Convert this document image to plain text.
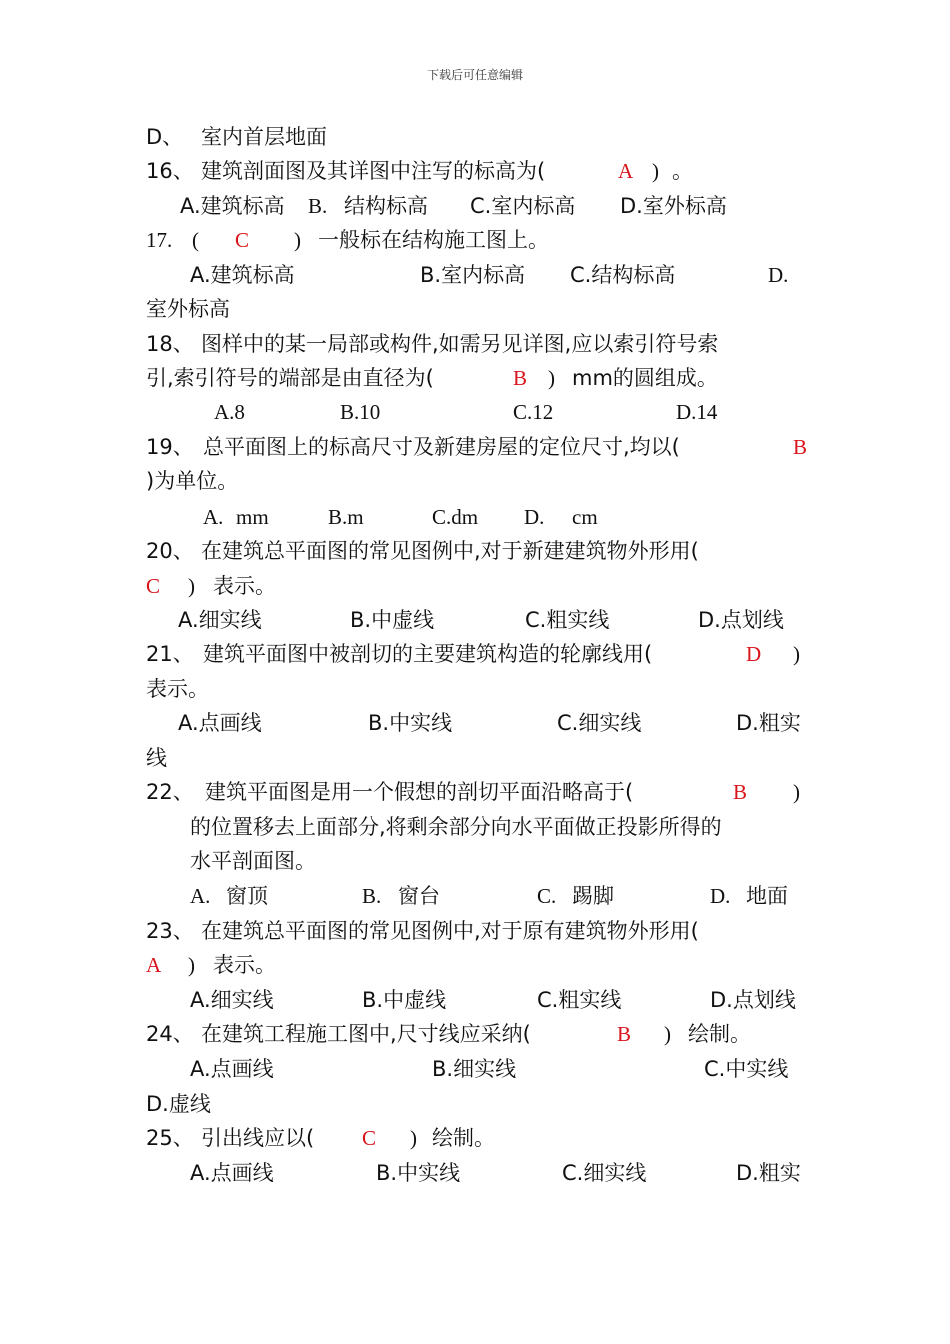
下载后可任意编辑
D、 室内首层地面
16、 建筑剖面图及其详图中注写的标高为(	A ) 。
A.建筑标高 B. 结构标高 C.室内标高 D.室外标高
17. ( C ) 一般标在结构施工图上。
A.建筑标高	B.室内标高 C.结构标高	D.
室外标高
18、 图样中的某一局部或构件,如需另见详图,应以索引符号索
引,索引符号的端部是由直径为(	B ) mm的圆组成。
A.8	B.10	C.12	D.14
19、 总平面图上的标高尺寸及新建房屋的定位尺寸,均以(	B
)为单位。
A. mm	B.m	C.dm D. cm
20、 在建筑总平面图的常见图例中,对于新建建筑物外形用(
C ) 表示。
A.细实线	B.中虚线	C.粗实线	D.点划线
21、 建筑平面图中被剖切的主要建筑构造的轮廓线用(	D )
表示。
A.点画线	B.中实线	C.细实线	D.粗实
线
22、 建筑平面图是用一个假想的剖切平面沿略高于(	B )
的位置移去上面部分,将剩余部分向水平面做正投影所得的
水平剖面图。
A. 窗顶	B. 窗台	C. 踢脚	D. 地面
23、 在建筑总平面图的常见图例中,对于原有建筑物外形用(
A ) 表示。
A.细实线	B.中虚线	C.粗实线	D.点划线
24、 在建筑工程施工图中,尺寸线应采纳(	B ) 绘制。
A.点画线	B.细实线	C.中实线
D.虚线
25、 引出线应以( C ) 绘制。
A.点画线	B.中实线	C.细实线	D.粗实
